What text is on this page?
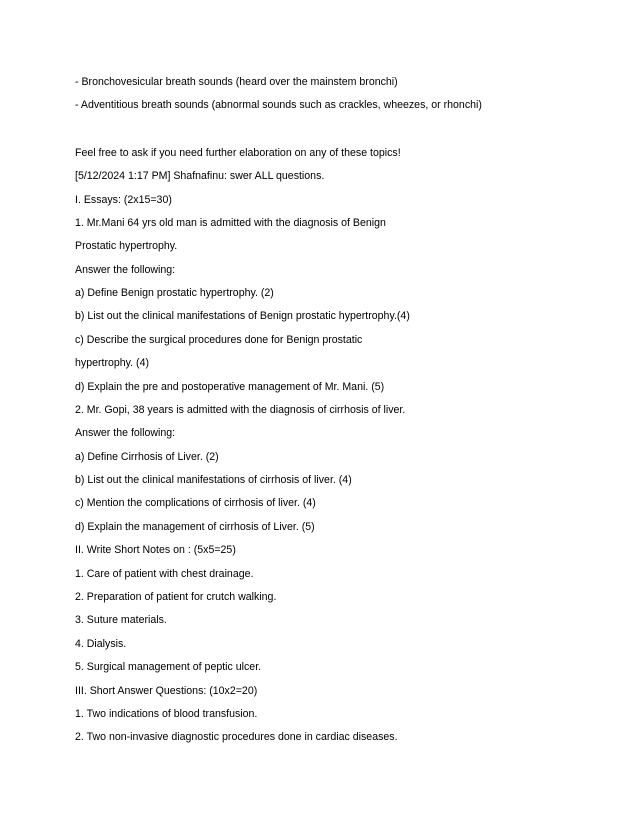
- Bronchovesicular breath sounds (heard over the mainstem bronchi)
- Adventitious breath sounds (abnormal sounds such as crackles, wheezes, or rhonchi)
Feel free to ask if you need further elaboration on any of these topics!
[5/12/2024 1:17 PM] Shafnafinu: swer ALL questions.
I. Essays: (2x15=30)
1. Mr.Mani 64 yrs old man is admitted with the diagnosis of Benign
Prostatic hypertrophy.
Answer the following:
a) Define Benign prostatic hypertrophy. (2)
b) List out the clinical manifestations of Benign prostatic hypertrophy.(4)
c) Describe the surgical procedures done for Benign prostatic
hypertrophy. (4)
d) Explain the pre and postoperative management of Mr. Mani. (5)
2. Mr. Gopi, 38 years is admitted with the diagnosis of cirrhosis of liver.
Answer the following:
a) Define Cirrhosis of Liver. (2)
b) List out the clinical manifestations of cirrhosis of liver. (4)
c) Mention the complications of cirrhosis of liver. (4)
d) Explain the management of cirrhosis of Liver. (5)
II. Write Short Notes on : (5x5=25)
1. Care of patient with chest drainage.
2. Preparation of patient for crutch walking.
3. Suture materials.
4. Dialysis.
5. Surgical management of peptic ulcer.
III. Short Answer Questions: (10x2=20)
1. Two indications of blood transfusion.
2. Two non-invasive diagnostic procedures done in cardiac diseases.
